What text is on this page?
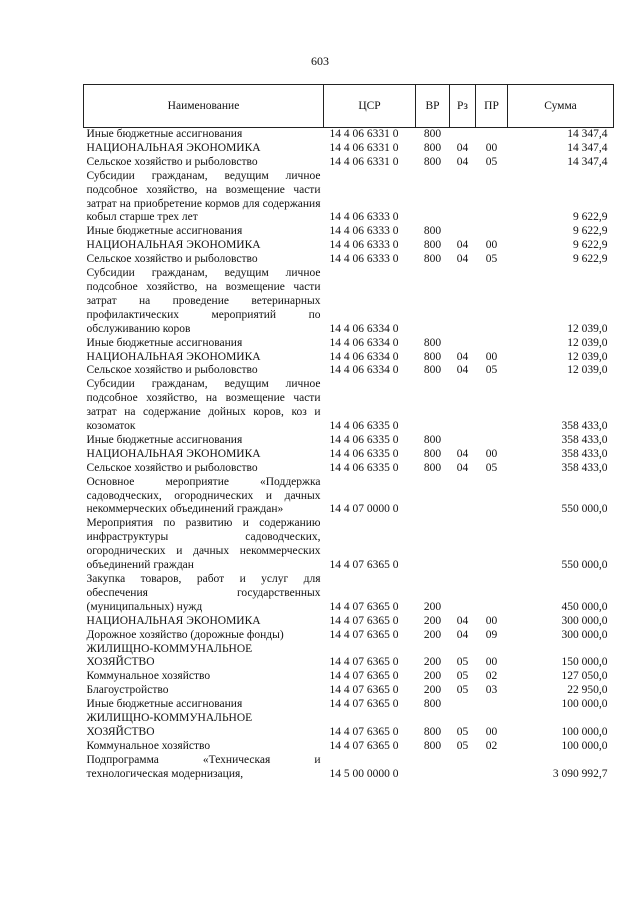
603
Наименование	ЦСР	ВР	Рз	ПР	Сумма
Иные бюджетные ассигнования	14 4 06 6331 0	800			14 347,4
НАЦИОНАЛЬНАЯ ЭКОНОМИКА	14 4 06 6331 0	800	04	00	14 347,4
Сельское хозяйство и рыболовство	14 4 06 6331 0	800	04	05	14 347,4
Субсидии гражданам, ведущим личное подсобное хозяйство, на возмещение части затрат на приобретение кормов для содержания кобыл старше трех лет	14 4 06 6333 0				9 622,9
Иные бюджетные ассигнования	14 4 06 6333 0	800			9 622,9
НАЦИОНАЛЬНАЯ ЭКОНОМИКА	14 4 06 6333 0	800	04	00	9 622,9
Сельское хозяйство и рыболовство	14 4 06 6333 0	800	04	05	9 622,9
Субсидии гражданам, ведущим личное подсобное хозяйство, на возмещение части затрат на проведение ветеринарных профилактических мероприятий по обслуживанию коров	14 4 06 6334 0				12 039,0
Иные бюджетные ассигнования	14 4 06 6334 0	800			12 039,0
НАЦИОНАЛЬНАЯ ЭКОНОМИКА	14 4 06 6334 0	800	04	00	12 039,0
Сельское хозяйство и рыболовство	14 4 06 6334 0	800	04	05	12 039,0
Субсидии гражданам, ведущим личное подсобное хозяйство, на возмещение части затрат на содержание дойных коров, коз и козоматок	14 4 06 6335 0				358 433,0
Иные бюджетные ассигнования	14 4 06 6335 0	800			358 433,0
НАЦИОНАЛЬНАЯ ЭКОНОМИКА	14 4 06 6335 0	800	04	00	358 433,0
Сельское хозяйство и рыболовство	14 4 06 6335 0	800	04	05	358 433,0
Основное мероприятие «Поддержка садоводческих, огороднических и дачных некоммерческих объединений граждан»	14 4 07 0000 0				550 000,0
Мероприятия по развитию и содержанию инфраструктуры садоводческих, огороднических и дачных некоммерческих объединений граждан	14 4 07 6365 0				550 000,0
Закупка товаров, работ и услуг для обеспечения государственных (муниципальных) нужд	14 4 07 6365 0	200			450 000,0
НАЦИОНАЛЬНАЯ ЭКОНОМИКА	14 4 07 6365 0	200	04	00	300 000,0
Дорожное хозяйство (дорожные фонды)	14 4 07 6365 0	200	04	09	300 000,0
ЖИЛИЩНО-КОММУНАЛЬНОЕ ХОЗЯЙСТВО	14 4 07 6365 0	200	05	00	150 000,0
Коммунальное хозяйство	14 4 07 6365 0	200	05	02	127 050,0
Благоустройство	14 4 07 6365 0	200	05	03	22 950,0
Иные бюджетные ассигнования	14 4 07 6365 0	800			100 000,0
ЖИЛИЩНО-КОММУНАЛЬНОЕ ХОЗЯЙСТВО	14 4 07 6365 0	800	05	00	100 000,0
Коммунальное хозяйство	14 4 07 6365 0	800	05	02	100 000,0
Подпрограмма «Техническая и технологическая модернизация,	14 5 00 0000 0				3 090 992,7
